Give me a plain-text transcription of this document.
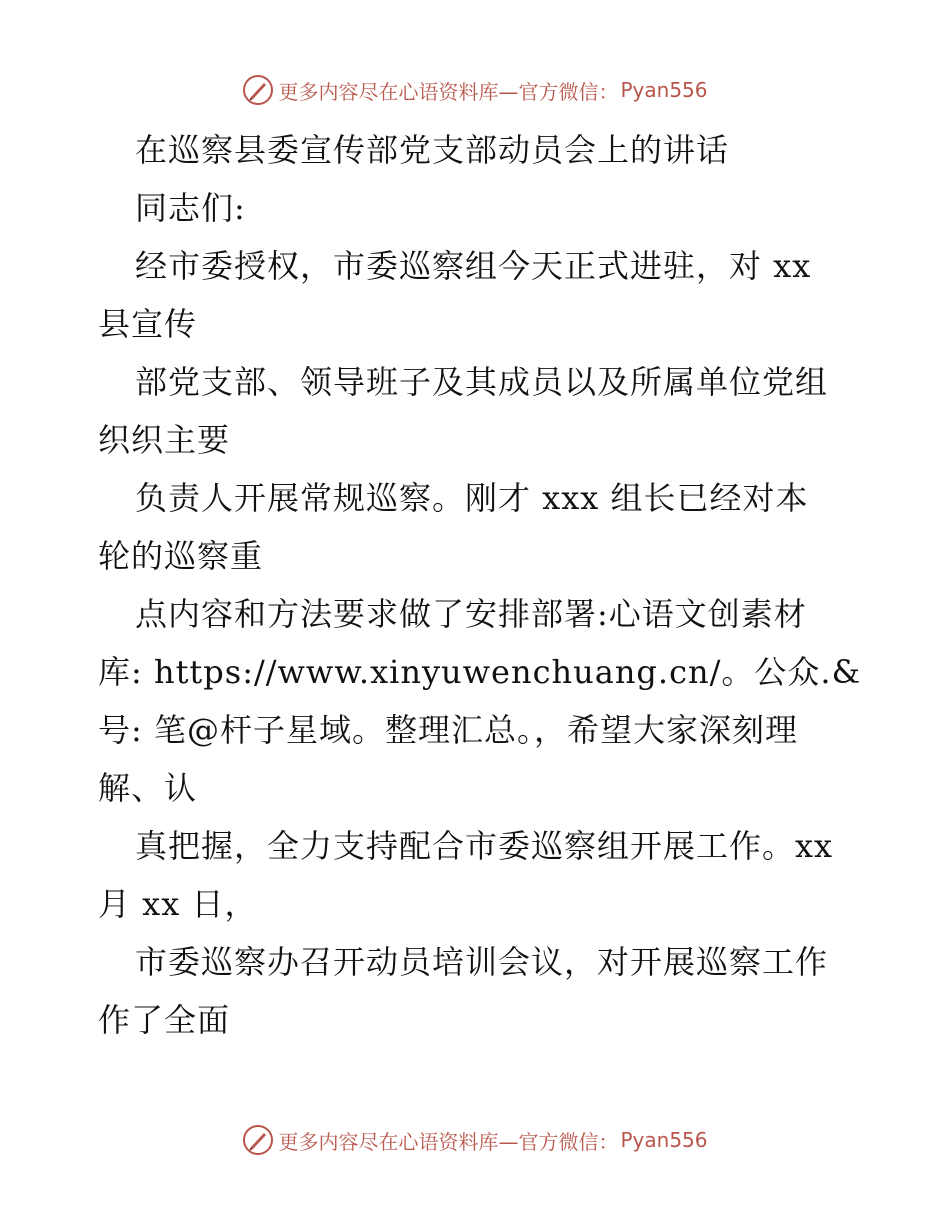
更多内容尽在心语资料库—官方微信： Pyan556
在巡察县委宣传部党支部动员会上的讲话
同志们:
经市委授权，市委巡察组今天正式进驻，对 xx
县宣传
部党支部、领导班子及其成员以及所属单位党组
织织主要
负责人开展常规巡察。刚才 xxx 组长已经对本
轮的巡察重
点内容和方法要求做了安排部署:心语文创素材
库: https://www.xinyuwenchuang.cn/。公众.&
号: 笔@杆子星域。整理汇总。，希望大家深刻理
解、认
真把握，全力支持配合市委巡察组开展工作。xx
月 xx 日，
市委巡察办召开动员培训会议，对开展巡察工作
作了全面
更多内容尽在心语资料库—官方微信： Pyan556
